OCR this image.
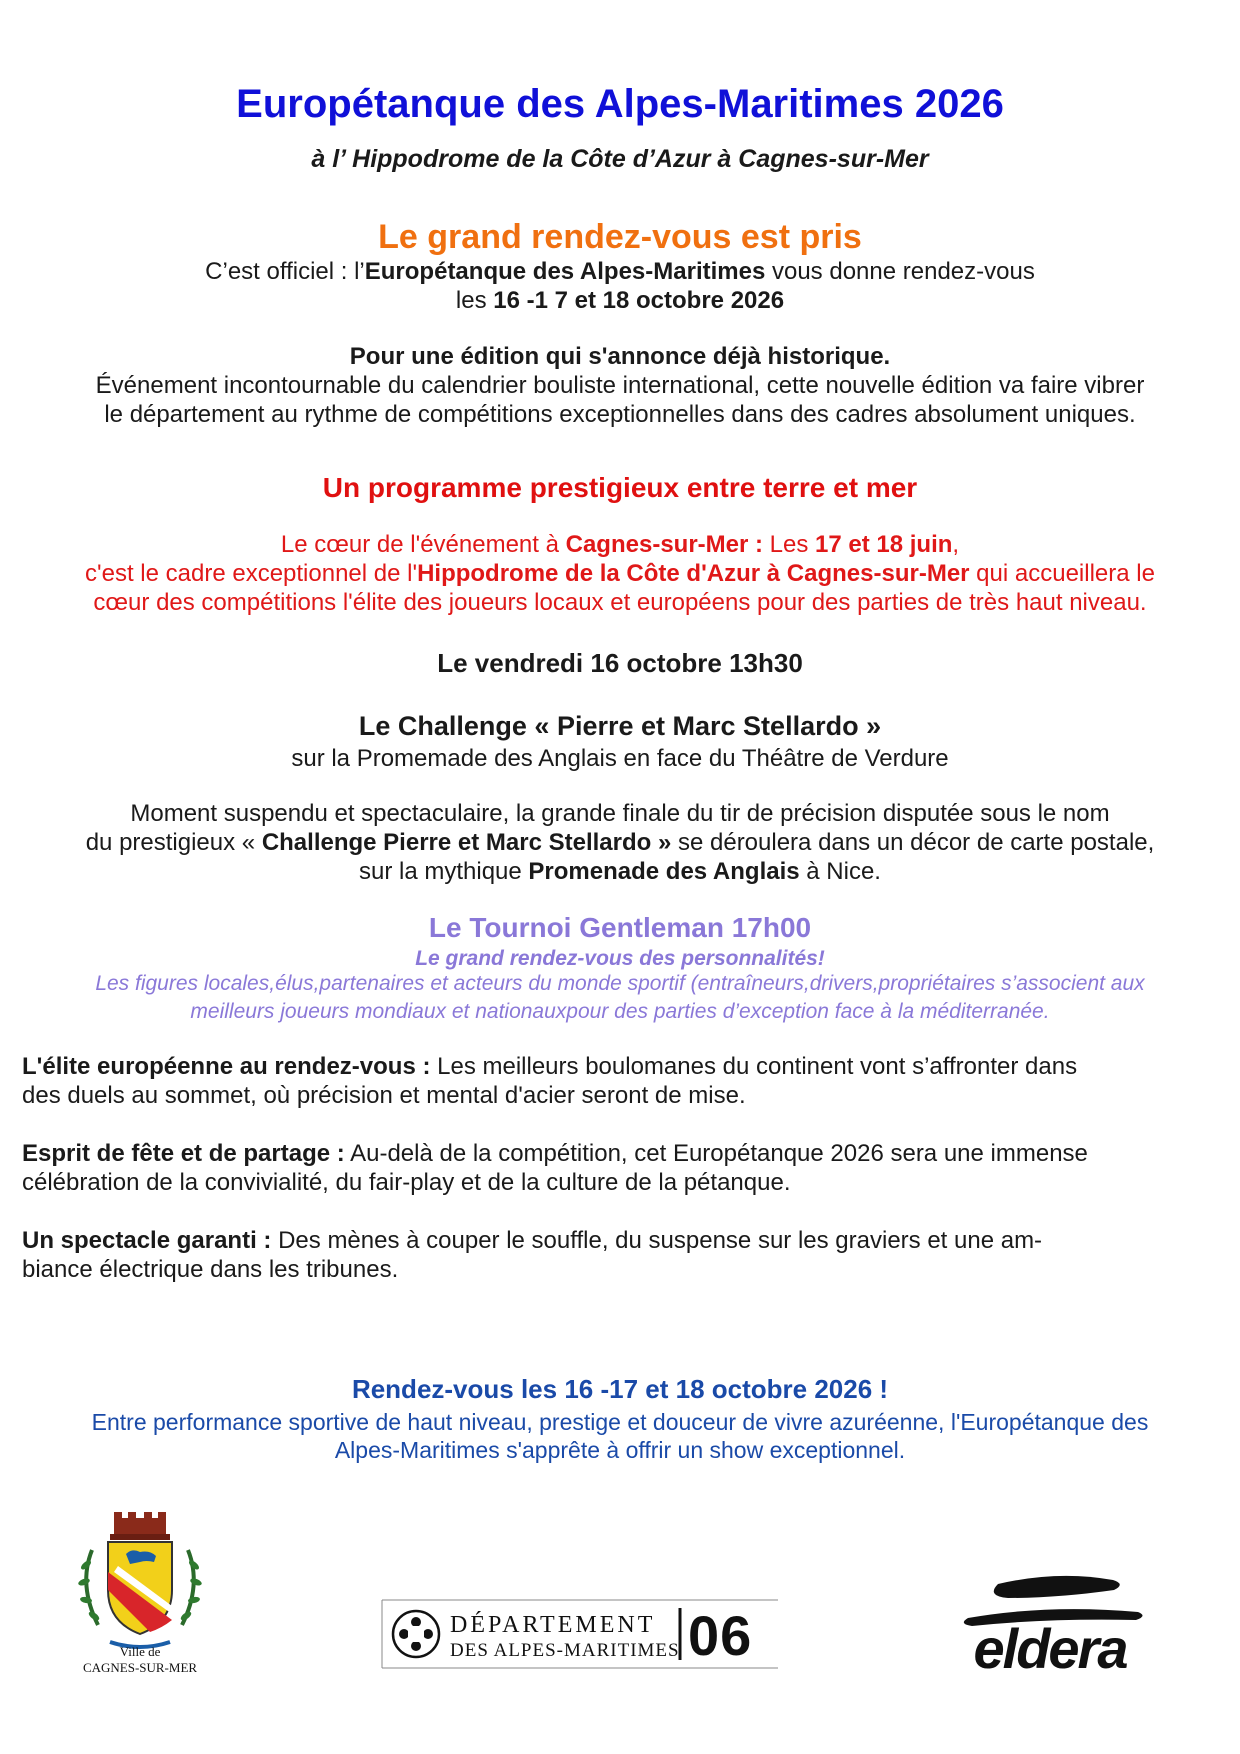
Europétanque des Alpes-Maritimes 2026
à l’ Hippodrome de la Côte d’Azur à Cagnes-sur-Mer
Le grand rendez-vous est pris
C’est officiel : l’Europétanque des Alpes-Maritimes vous donne rendez-vous
les 16 -1 7 et 18 octobre 2026
Pour une édition qui s'annonce déjà historique.
Événement incontournable du calendrier bouliste international, cette nouvelle édition va faire vibrer
le département au rythme de compétitions exceptionnelles dans des cadres absolument uniques.
Un programme prestigieux entre terre et mer
Le cœur de l'événement à Cagnes-sur-Mer : Les 17 et 18 juin,
c'est le cadre exceptionnel de l'Hippodrome de la Côte d'Azur à Cagnes-sur-Mer qui accueillera le
cœur des compétitions l'élite des joueurs locaux et européens pour des parties de très haut niveau.
Le vendredi 16 octobre 13h30
Le Challenge « Pierre et Marc Stellardo »
sur la Promemade des Anglais en face du Théâtre de Verdure
Moment suspendu et spectaculaire, la grande finale du tir de précision disputée sous le nom
du prestigieux « Challenge Pierre et Marc Stellardo » se déroulera dans un décor de carte postale,
sur la mythique Promenade des Anglais à Nice.
Le Tournoi Gentleman 17h00
Le grand rendez-vous des personnalités!
Les figures locales,élus,partenaires et acteurs du monde sportif (entraîneurs,drivers,propriétaires s’associent aux
meilleurs joueurs mondiaux et nationauxpour des parties d’exception face à la méditerranée.
L'élite européenne au rendez-vous : Les meilleurs boulomanes du continent vont s’affronter dans
des duels au sommet, où précision et mental d'acier seront de mise.
Esprit de fête et de partage : Au-delà de la compétition, cet Europétanque 2026 sera une immense
célébration de la convivialité, du fair-play et de la culture de la pétanque.
Un spectacle garanti : Des mènes à couper le souffle, du suspense sur les graviers et une am-
biance électrique dans les tribunes.
Rendez-vous les 16 -17 et 18 octobre 2026 !
Entre performance sportive de haut niveau, prestige et douceur de vivre azuréenne, l'Europétanque des
Alpes-Maritimes s'apprête à offrir un show exceptionnel.
Ville de
CAGNES-SUR-MER
DÉPARTEMENT
DES ALPES-MARITIMES 06	eldera
